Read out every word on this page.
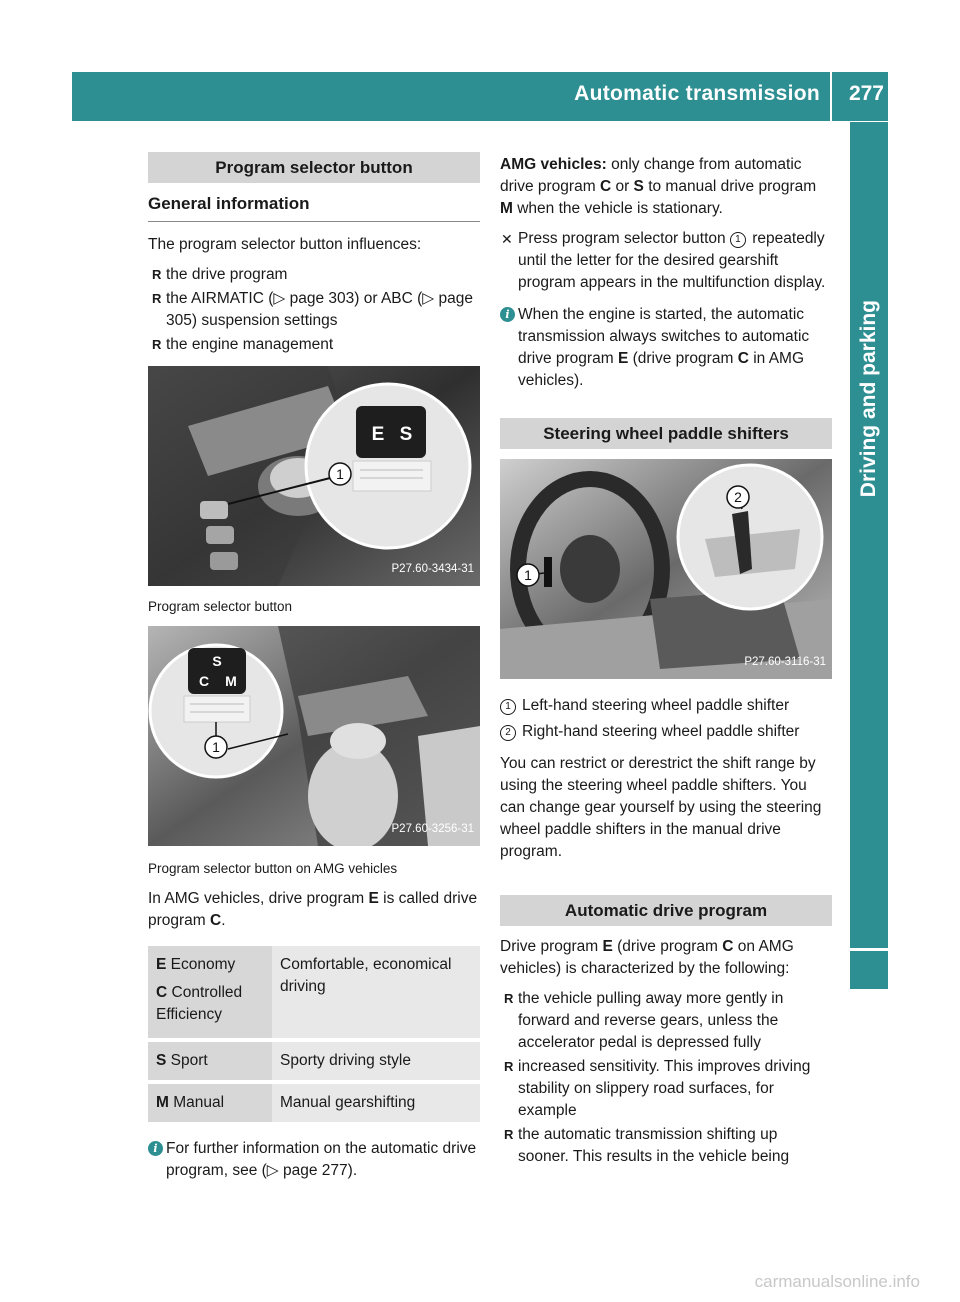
Automatic transmission 277
Driving and parking
Program selector button
General information

The program selector button influences:

R the drive program
R the AIRMATIC (▷ page 303) or ABC (▷ page 305) suspension settings
R the engine management
1
E S
P27.60-3434-31
Program selector button
1
S
C M
P27.60-3256-31
Program selector button on AMG vehicles

In AMG vehicles, drive program E is called drive program C.

E Economy
C Controlled Efficiency	Comfortable, economical driving

S Sport	Sporty driving style

M Manual	Manual gearshifting
i For further information on the automatic drive program, see (▷ page 277).

AMG vehicles: only change from automatic drive program C or S to manual drive program M when the vehicle is stationary.

✕ Press program selector button 1 repeatedly until the letter for the desired gearshift program appears in the multifunction display.
i When the engine is started, the automatic transmission always switches to automatic drive program E (drive program C in AMG vehicles).
Steering wheel paddle shifters
2
1
P27.60-3116-31
1 Left-hand steering wheel paddle shifter
2 Right-hand steering wheel paddle shifter

You can restrict or derestrict the shift range by using the steering wheel paddle shifters. You can change gear yourself by using the steering wheel paddle shifters in the manual drive program.

Automatic drive program

Drive program E (drive program C on AMG vehicles) is characterized by the following:

R the vehicle pulling away more gently in forward and reverse gears, unless the accelerator pedal is depressed fully
R increased sensitivity. This improves driving stability on slippery road surfaces, for example
R the automatic transmission shifting up sooner. This results in the vehicle being
carmanualsonline.info
